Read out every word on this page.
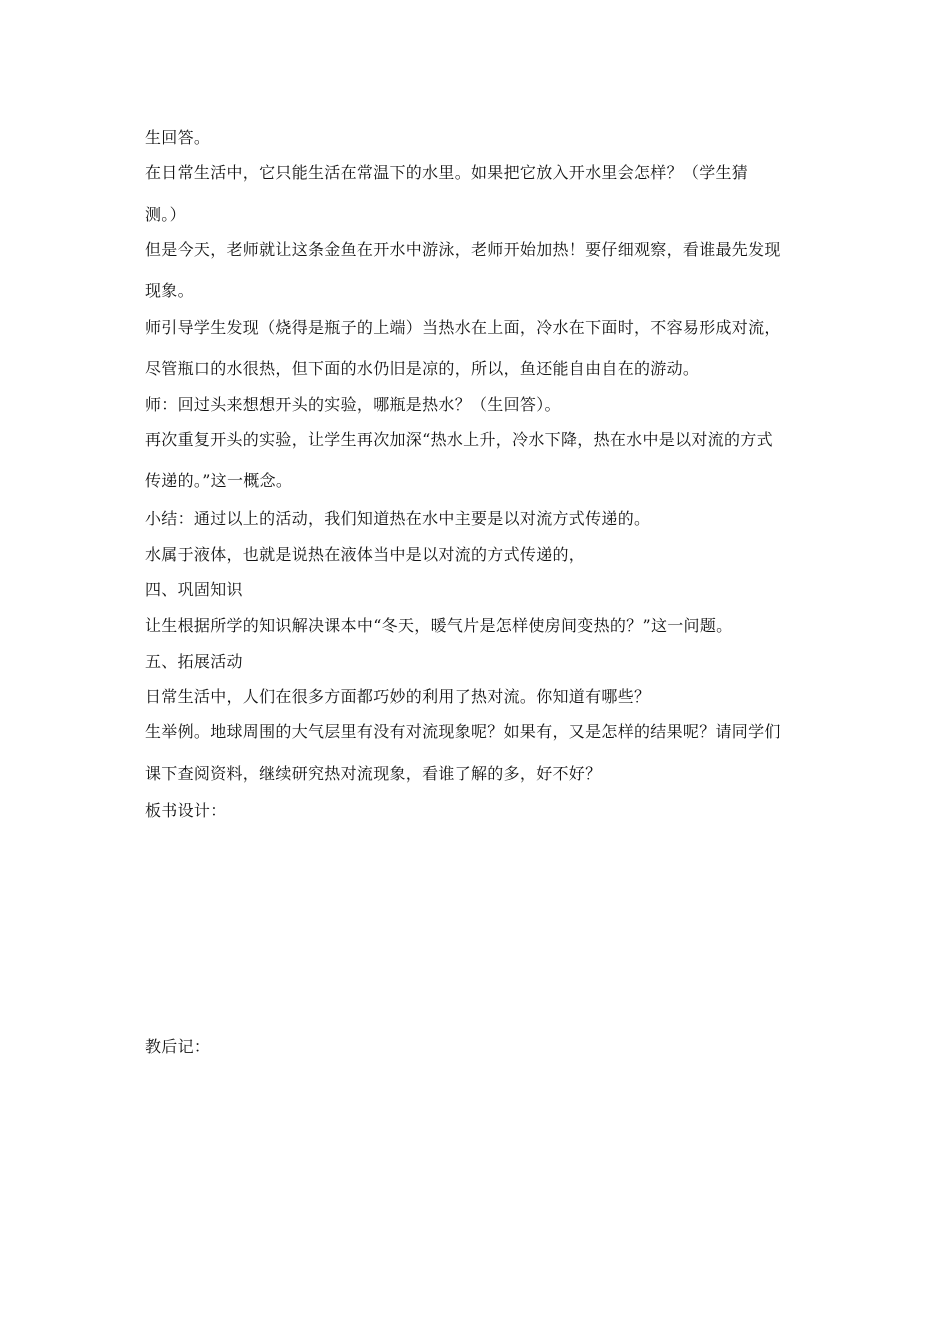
生回答。
在日常生活中，它只能生活在常温下的水里。如果把它放入开水里会怎样？（学生猜
测。）
但是今天，老师就让这条金鱼在开水中游泳，老师开始加热！要仔细观察，看谁最先发现
现象。
师引导学生发现（烧得是瓶子的上端）当热水在上面，冷水在下面时，不容易形成对流，
尽管瓶口的水很热，但下面的水仍旧是凉的，所以，鱼还能自由自在的游动。
师：回过头来想想开头的实验，哪瓶是热水？（生回答）。
再次重复开头的实验，让学生再次加深“热水上升，冷水下降，热在水中是以对流的方式
传递的。”这一概念。
小结：通过以上的活动，我们知道热在水中主要是以对流方式传递的。
水属于液体，也就是说热在液体当中是以对流的方式传递的，
四、巩固知识
让生根据所学的知识解决课本中“冬天，暖气片是怎样使房间变热的？”这一问题。
五、拓展活动
日常生活中，人们在很多方面都巧妙的利用了热对流。你知道有哪些？
生举例。地球周围的大气层里有没有对流现象呢？如果有，又是怎样的结果呢？请同学们
课下查阅资料，继续研究热对流现象，看谁了解的多，好不好？
板书设计：
教后记：
